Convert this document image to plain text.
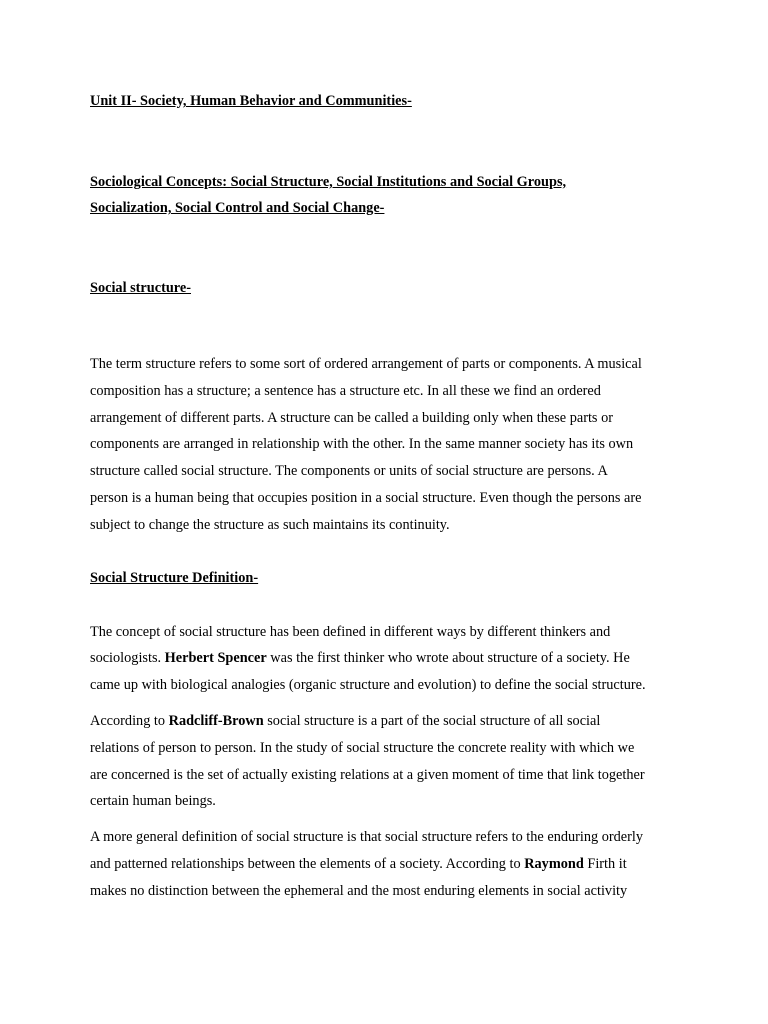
Unit II- Society, Human Behavior and Communities-

Sociological Concepts: Social Structure, Social Institutions and Social Groups,

Socialization, Social Control and Social Change-

Social structure-

The term structure refers to some sort of ordered arrangement of parts or components. A musical
composition has a structure; a sentence has a structure etc. In all these we find an ordered
arrangement of different parts. A structure can be called a building only when these parts or
components are arranged in relationship with the other. In the same manner society has its own
structure called social structure. The components or units of social structure are persons. A
person is a human being that occupies position in a social structure. Even though the persons are
subject to change the structure as such maintains its continuity.

Social Structure Definition-

The concept of social structure has been defined in different ways by different thinkers and
sociologists. Herbert Spencer was the first thinker who wrote about structure of a society. He
came up with biological analogies (organic structure and evolution) to define the social structure.
According to Radcliff-Brown social structure is a part of the social structure of all social
relations of person to person. In the study of social structure the concrete reality with which we
are concerned is the set of actually existing relations at a given moment of time that link together
certain human beings.
A more general definition of social structure is that social structure refers to the enduring orderly
and patterned relationships between the elements of a society. According to Raymond Firth it
makes no distinction between the ephemeral and the most enduring elements in social activity
